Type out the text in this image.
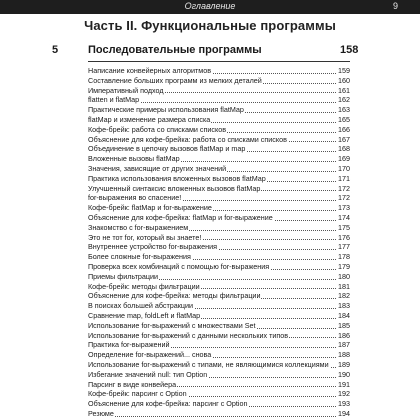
Оглавление	9
Часть II. Функциональные программы
5	Последовательные программы	158
Написание конвейерных алгоритмов	159
Составление больших программ из мелких деталей	160
Императивный подход	161
flatten и flatMap	162
Практические примеры использования flatMap	163
flatMap и изменение размера списка	165
Кофе-брейк: работа со списками списков	166
Объяснение для кофе-брейка: работа со списками списков	167
Объединение в цепочку вызовов flatMap и map	168
Вложенные вызовы flatMap	169
Значения, зависящие от других значений	170
Практика использования вложенных вызовов flatMap	171
Улучшенный синтаксис вложенных вызовов flatMap	172
for-выражения во спасение!	172
Кофе-брейк: flatMap и for-выражение	173
Объяснение для кофе-брейка: flatMap и for-выражение	174
Знакомство с for-выражением	175
Это не тот for, который вы знаете!	176
Внутреннее устройство for-выражения	177
Более сложные for-выражения	178
Проверка всех комбинаций с помощью for-выражения	179
Приемы фильтрации	180
Кофе-брейк: методы фильтрации	181
Объяснение для кофе-брейка: методы фильтрации	182
В поисках большей абстракции	183
Сравнение map, foldLeft и flatMap	184
Использование for-выражений с множествами Set	185
Использование for-выражений с данными нескольких типов	186
Практика for-выражений	187
Определение for-выражений... снова	188
Использование for-выражений с типами, не являющимися коллекциями 189
Избегание значений null: тип Option	190
Парсинг в виде конвейера	191
Кофе-брейк: парсинг с Option	192
Объяснение для кофе-брейка: парсинг с Option	193
Резюме	194
